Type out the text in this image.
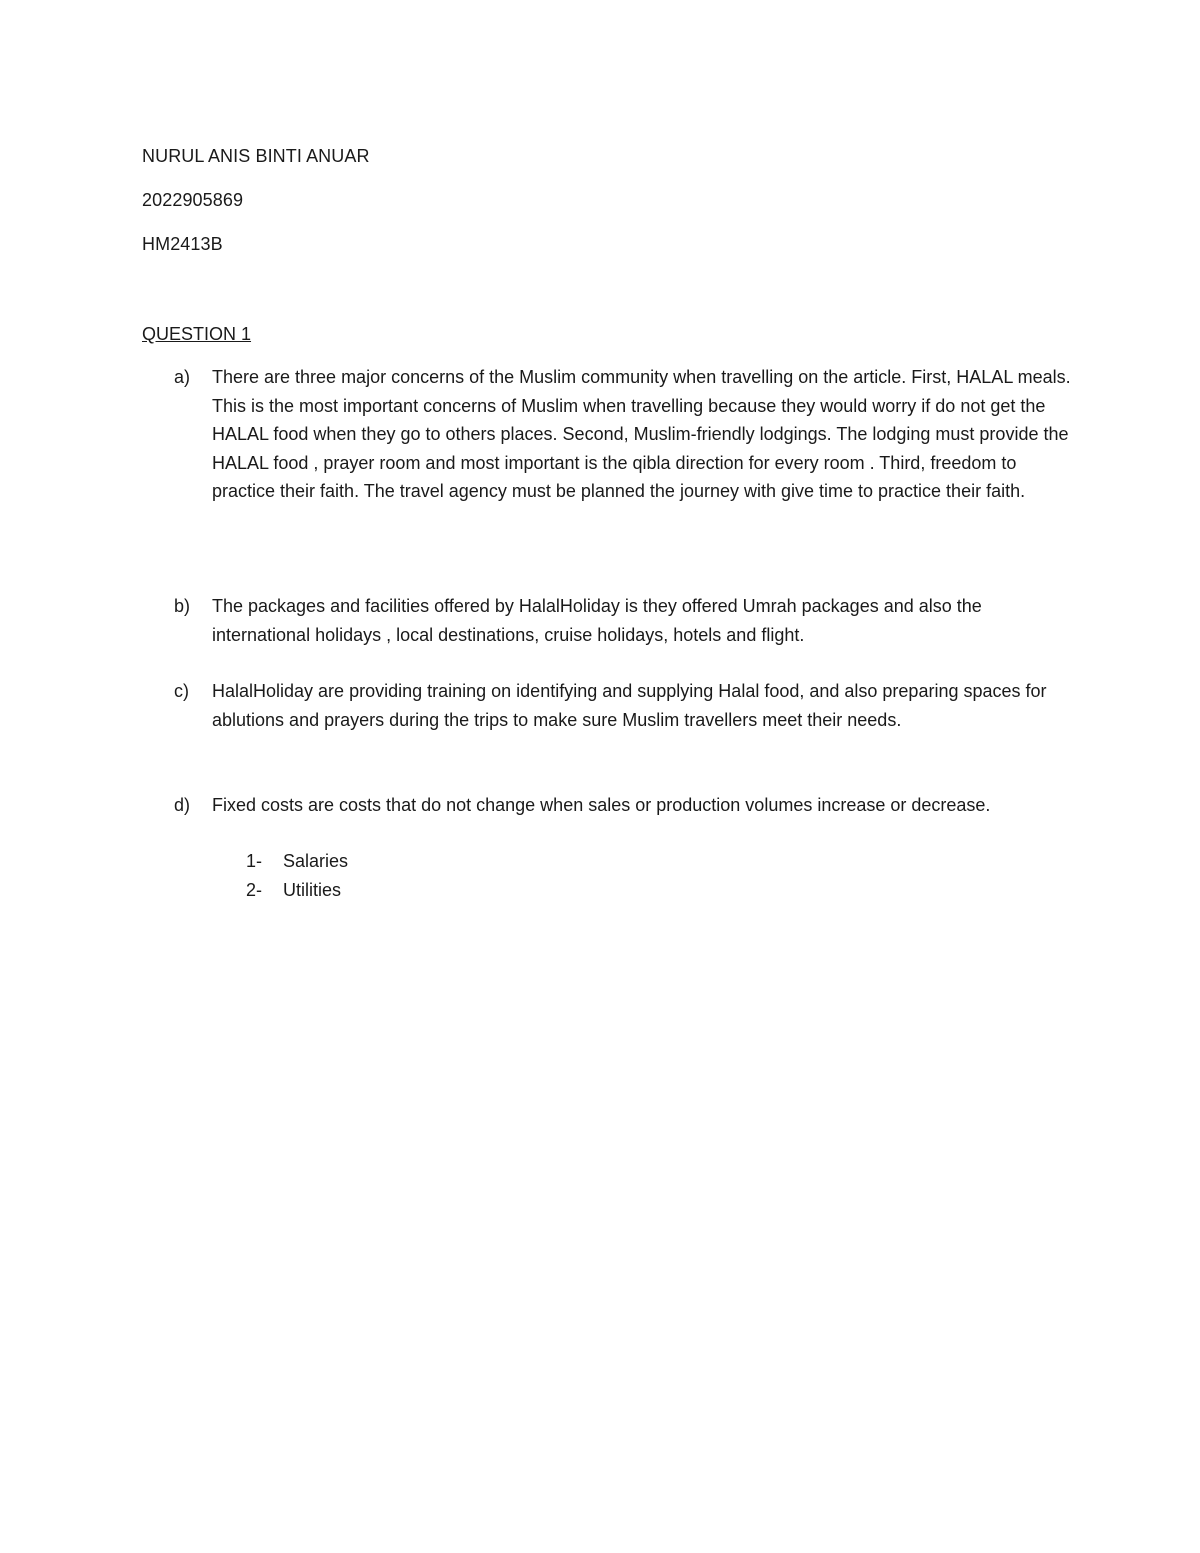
NURUL ANIS BINTI ANUAR
2022905869
HM2413B
QUESTION 1
a)	There are three major concerns of the Muslim community when travelling on the article. First, HALAL meals. This is the most important concerns of Muslim when travelling because they would worry if do not get the HALAL food when they go to others places. Second, Muslim-friendly lodgings. The lodging must provide the HALAL food , prayer room and most important is the qibla direction for every room . Third, freedom to practice their faith. The travel agency must be planned the journey with give time to practice their faith.
b)	The packages and facilities offered by HalalHoliday is they offered Umrah packages and also the international holidays , local destinations, cruise holidays, hotels and flight.
c)	HalalHoliday are providing training on identifying and supplying Halal food, and also preparing spaces for ablutions and prayers during the trips to make sure Muslim travellers meet their needs.
d)	Fixed costs are costs that do not change when sales or production volumes increase or decrease.
1- Salaries
2- Utilities
